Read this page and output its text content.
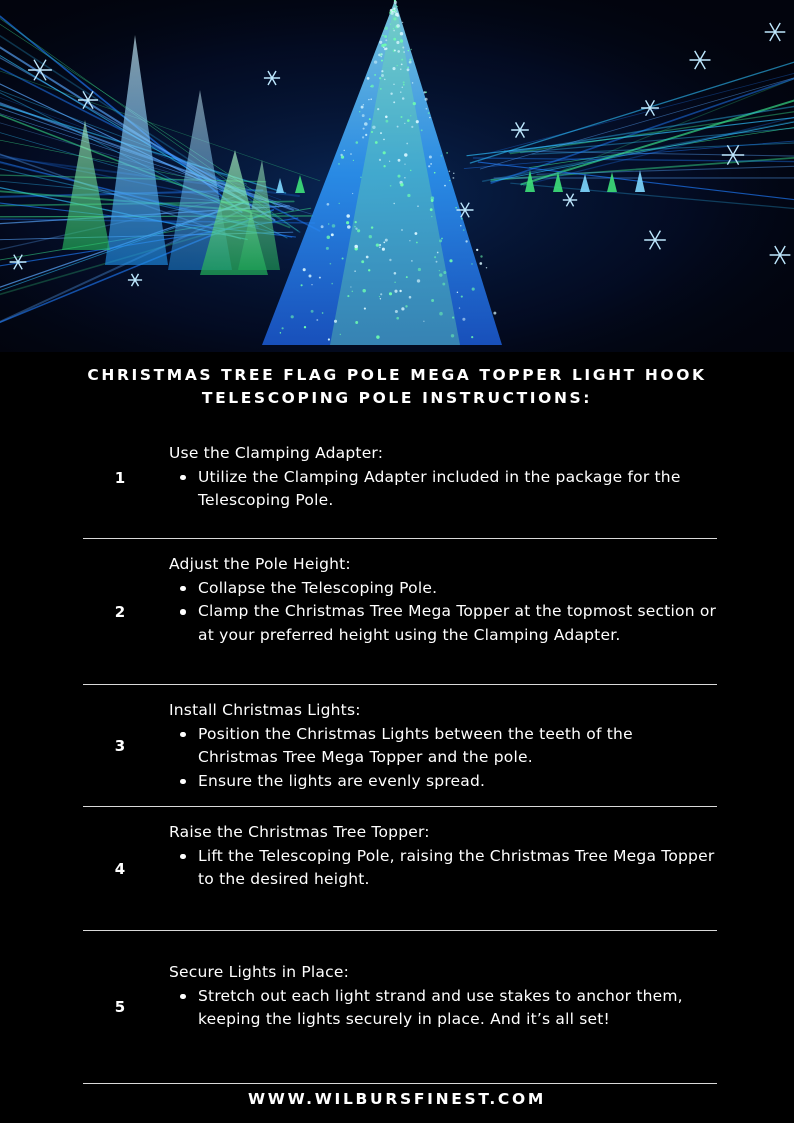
CHRISTMAS TREE FLAG POLE MEGA TOPPER LIGHT HOOK
TELESCOPING POLE INSTRUCTIONS:
1
Use the Clamping Adapter:
Utilize the Clamping Adapter included in the package for the Telescoping Pole.
2
Adjust the Pole Height:
Collapse the Telescoping Pole.
Clamp the Christmas Tree Mega Topper at the topmost section or at your preferred height using the Clamping Adapter.
3
Install Christmas Lights:
Position the Christmas Lights between the teeth of the Christmas Tree Mega Topper and the pole.
Ensure the lights are evenly spread.
4
Raise the Christmas Tree Topper:
Lift the Telescoping Pole, raising the Christmas Tree Mega Topper to the desired height.
5
Secure Lights in Place:
Stretch out each light strand and use stakes to anchor them, keeping the lights securely in place. And it’s all set!
WWW.WILBURSFINEST.COM
